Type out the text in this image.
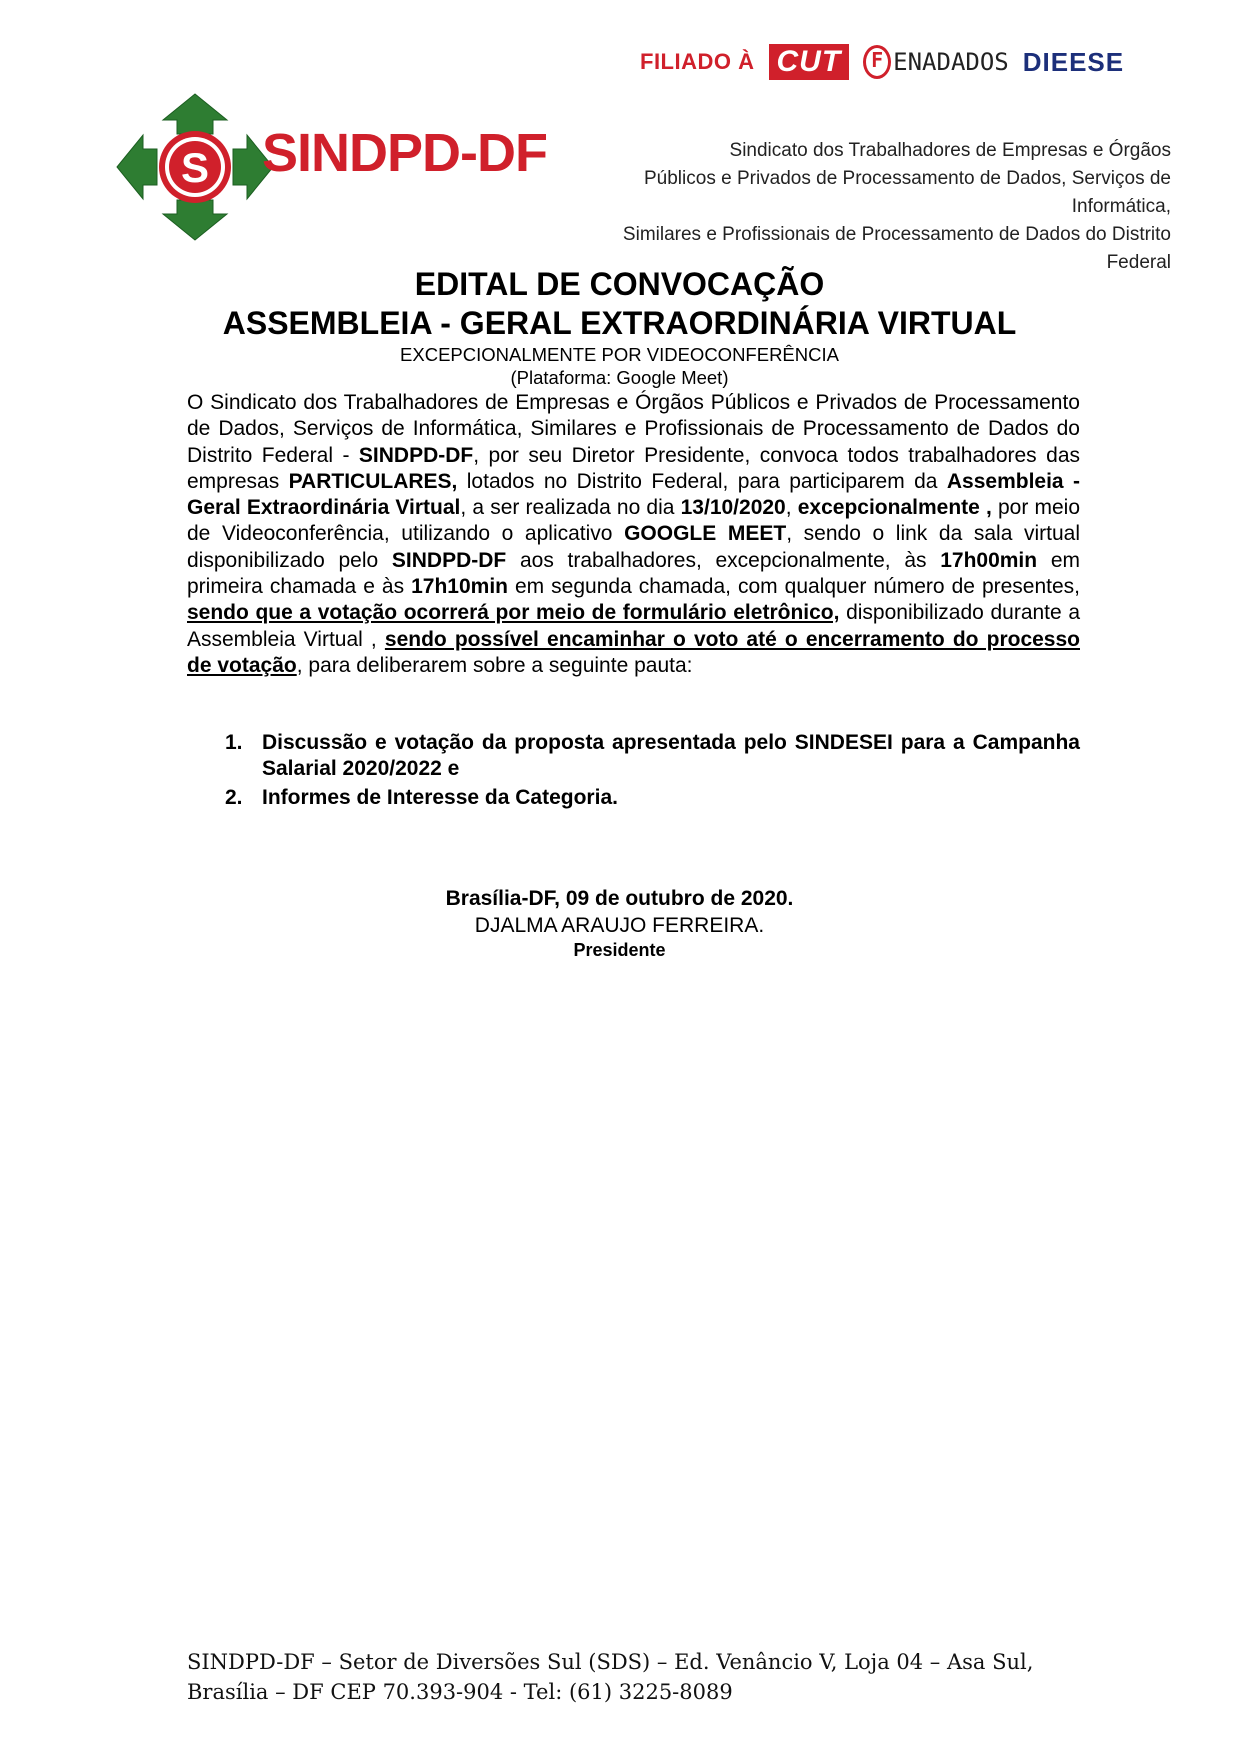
FILIADO À CUT	F ENADADOS DIEESE
S SINDPD-DF	Sindicato dos Trabalhadores de Empresas e Órgãos
Públicos e Privados de Processamento de Dados, Serviços de Informática,
Similares e Profissionais de Processamento de Dados do Distrito Federal
EDITAL DE CONVOCAÇÃO
ASSEMBLEIA - GERAL EXTRAORDINÁRIA VIRTUAL
EXCEPCIONALMENTE POR VIDEOCONFERÊNCIA
(Plataforma: Google Meet)
O Sindicato dos Trabalhadores de Empresas e Órgãos Públicos e Privados de Processamento de Dados, Serviços de Informática, Similares e Profissionais de Processamento de Dados do Distrito Federal - SINDPD-DF, por seu Diretor Presidente, convoca todos trabalhadores das empresas PARTICULARES, lotados no Distrito Federal, para participarem da Assembleia - Geral Extraordinária Virtual, a ser realizada no dia 13/10/2020, excepcionalmente , por meio de Videoconferência, utilizando o aplicativo GOOGLE MEET, sendo o link da sala virtual disponibilizado pelo SINDPD-DF aos trabalhadores, excepcionalmente, às 17h00min em primeira chamada e às 17h10min em segunda chamada, com qualquer número de presentes, sendo que a votação ocorrerá por meio de formulário eletrônico, disponibilizado durante a Assembleia Virtual , sendo possível encaminhar o voto até o encerramento do processo de votação, para deliberarem sobre a seguinte pauta:
1. Discussão e votação da proposta apresentada pelo SINDESEI para a Campanha Salarial 2020/2022 e
2. Informes de Interesse da Categoria.
Brasília-DF, 09 de outubro de 2020.
DJALMA ARAUJO FERREIRA.
Presidente
SINDPD-DF – Setor de Diversões Sul (SDS) – Ed. Venâncio V, Loja 04 – Asa Sul,
Brasília – DF CEP 70.393-904 - Tel: (61) 3225-8089
